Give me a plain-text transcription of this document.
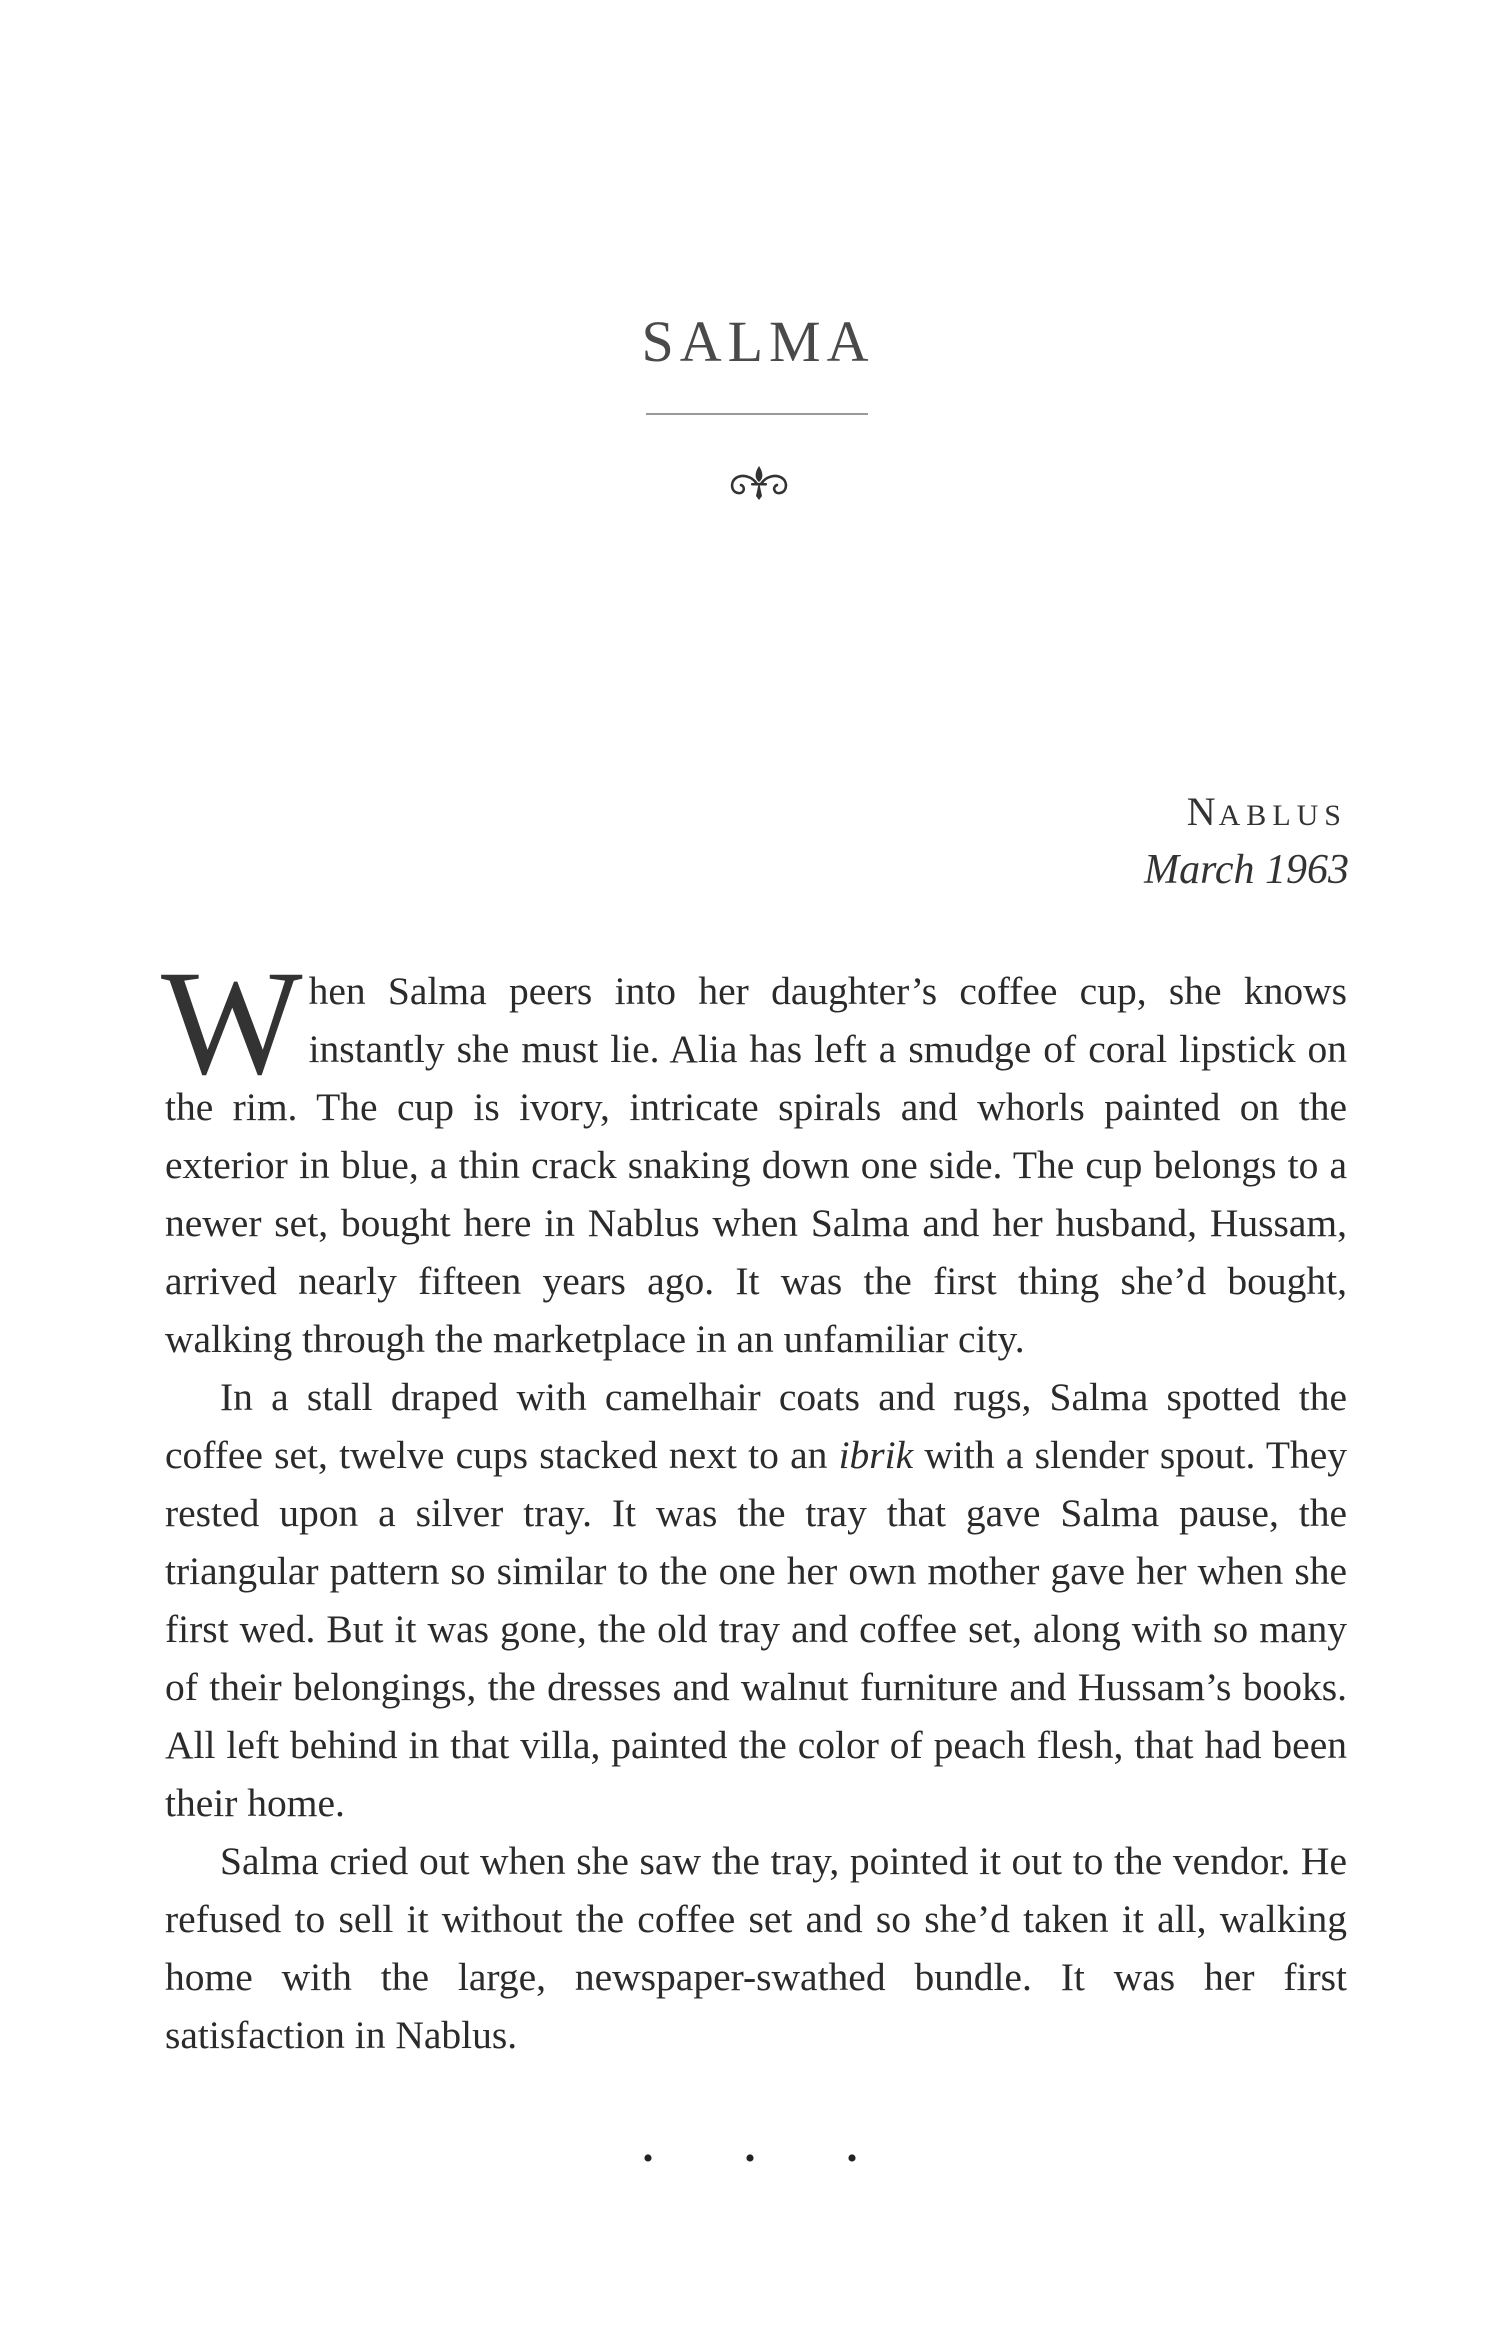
SALMA

NABLUS

March 1963

When Salma peers into her daughter’s coffee cup, she knows instantly she must lie. Alia has left a smudge of coral lipstick on the rim. The cup is ivory, intricate spirals and whorls painted on the exterior in blue, a thin crack snaking down one side. The cup belongs to a newer set, bought here in Nablus when Salma and her husband, Hussam, arrived nearly fifteen years ago. It was the first thing she’d bought, walking through the marketplace in an unfamiliar city.

In a stall draped with camelhair coats and rugs, Salma spotted the coffee set, twelve cups stacked next to an ibrik with a slender spout. They rested upon a silver tray. It was the tray that gave Salma pause, the triangular pattern so similar to the one her own mother gave her when she first wed. But it was gone, the old tray and coffee set, along with so many of their belongings, the dresses and walnut furniture and Hussam’s books. All left behind in that villa, painted the color of peach flesh, that had been their home.

Salma cried out when she saw the tray, pointed it out to the vendor. He refused to sell it without the coffee set and so she’d taken it all, walking home with the large, newspaper-swathed bundle. It was her first satisfaction in Nablus.

• • •
